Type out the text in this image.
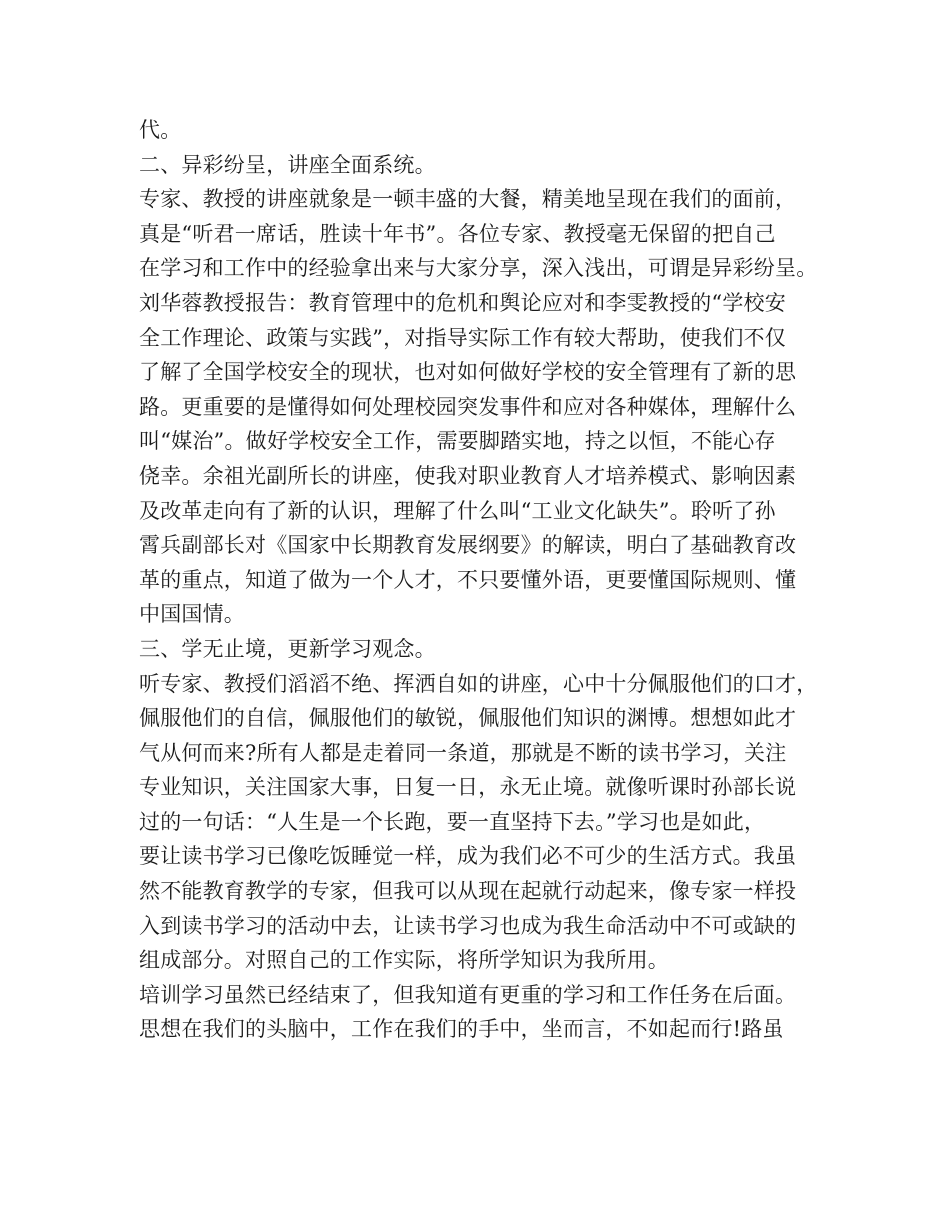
代。
二、异彩纷呈，讲座全面系统。
专家、教授的讲座就象是一顿丰盛的大餐，精美地呈现在我们的面前，
真是“听君一席话，胜读十年书”。各位专家、教授毫无保留的把自己
在学习和工作中的经验拿出来与大家分享，深入浅出，可谓是异彩纷呈。
刘华蓉教授报告：教育管理中的危机和舆论应对和李雯教授的“学校安
全工作理论、政策与实践”，对指导实际工作有较大帮助，使我们不仅
了解了全国学校安全的现状，也对如何做好学校的安全管理有了新的思
路。更重要的是懂得如何处理校园突发事件和应对各种媒体，理解什么
叫“媒治”。做好学校安全工作，需要脚踏实地，持之以恒，不能心存
侥幸。余祖光副所长的讲座，使我对职业教育人才培养模式、影响因素
及改革走向有了新的认识，理解了什么叫“工业文化缺失”。聆听了孙
霄兵副部长对《国家中长期教育发展纲要》的解读，明白了基础教育改
革的重点，知道了做为一个人才，不只要懂外语，更要懂国际规则、懂
中国国情。
三、学无止境，更新学习观念。
听专家、教授们滔滔不绝、挥洒自如的讲座，心中十分佩服他们的口才，
佩服他们的自信，佩服他们的敏锐，佩服他们知识的渊博。想想如此才
气从何而来?所有人都是走着同一条道，那就是不断的读书学习，关注
专业知识，关注国家大事，日复一日，永无止境。就像听课时孙部长说
过的一句话：“人生是一个长跑，要一直坚持下去。”学习也是如此，
要让读书学习已像吃饭睡觉一样，成为我们必不可少的生活方式。我虽
然不能教育教学的专家，但我可以从现在起就行动起来，像专家一样投
入到读书学习的活动中去，让读书学习也成为我生命活动中不可或缺的
组成部分。对照自己的工作实际，将所学知识为我所用。
培训学习虽然已经结束了，但我知道有更重的学习和工作任务在后面。
思想在我们的头脑中，工作在我们的手中，坐而言，不如起而行!路虽
